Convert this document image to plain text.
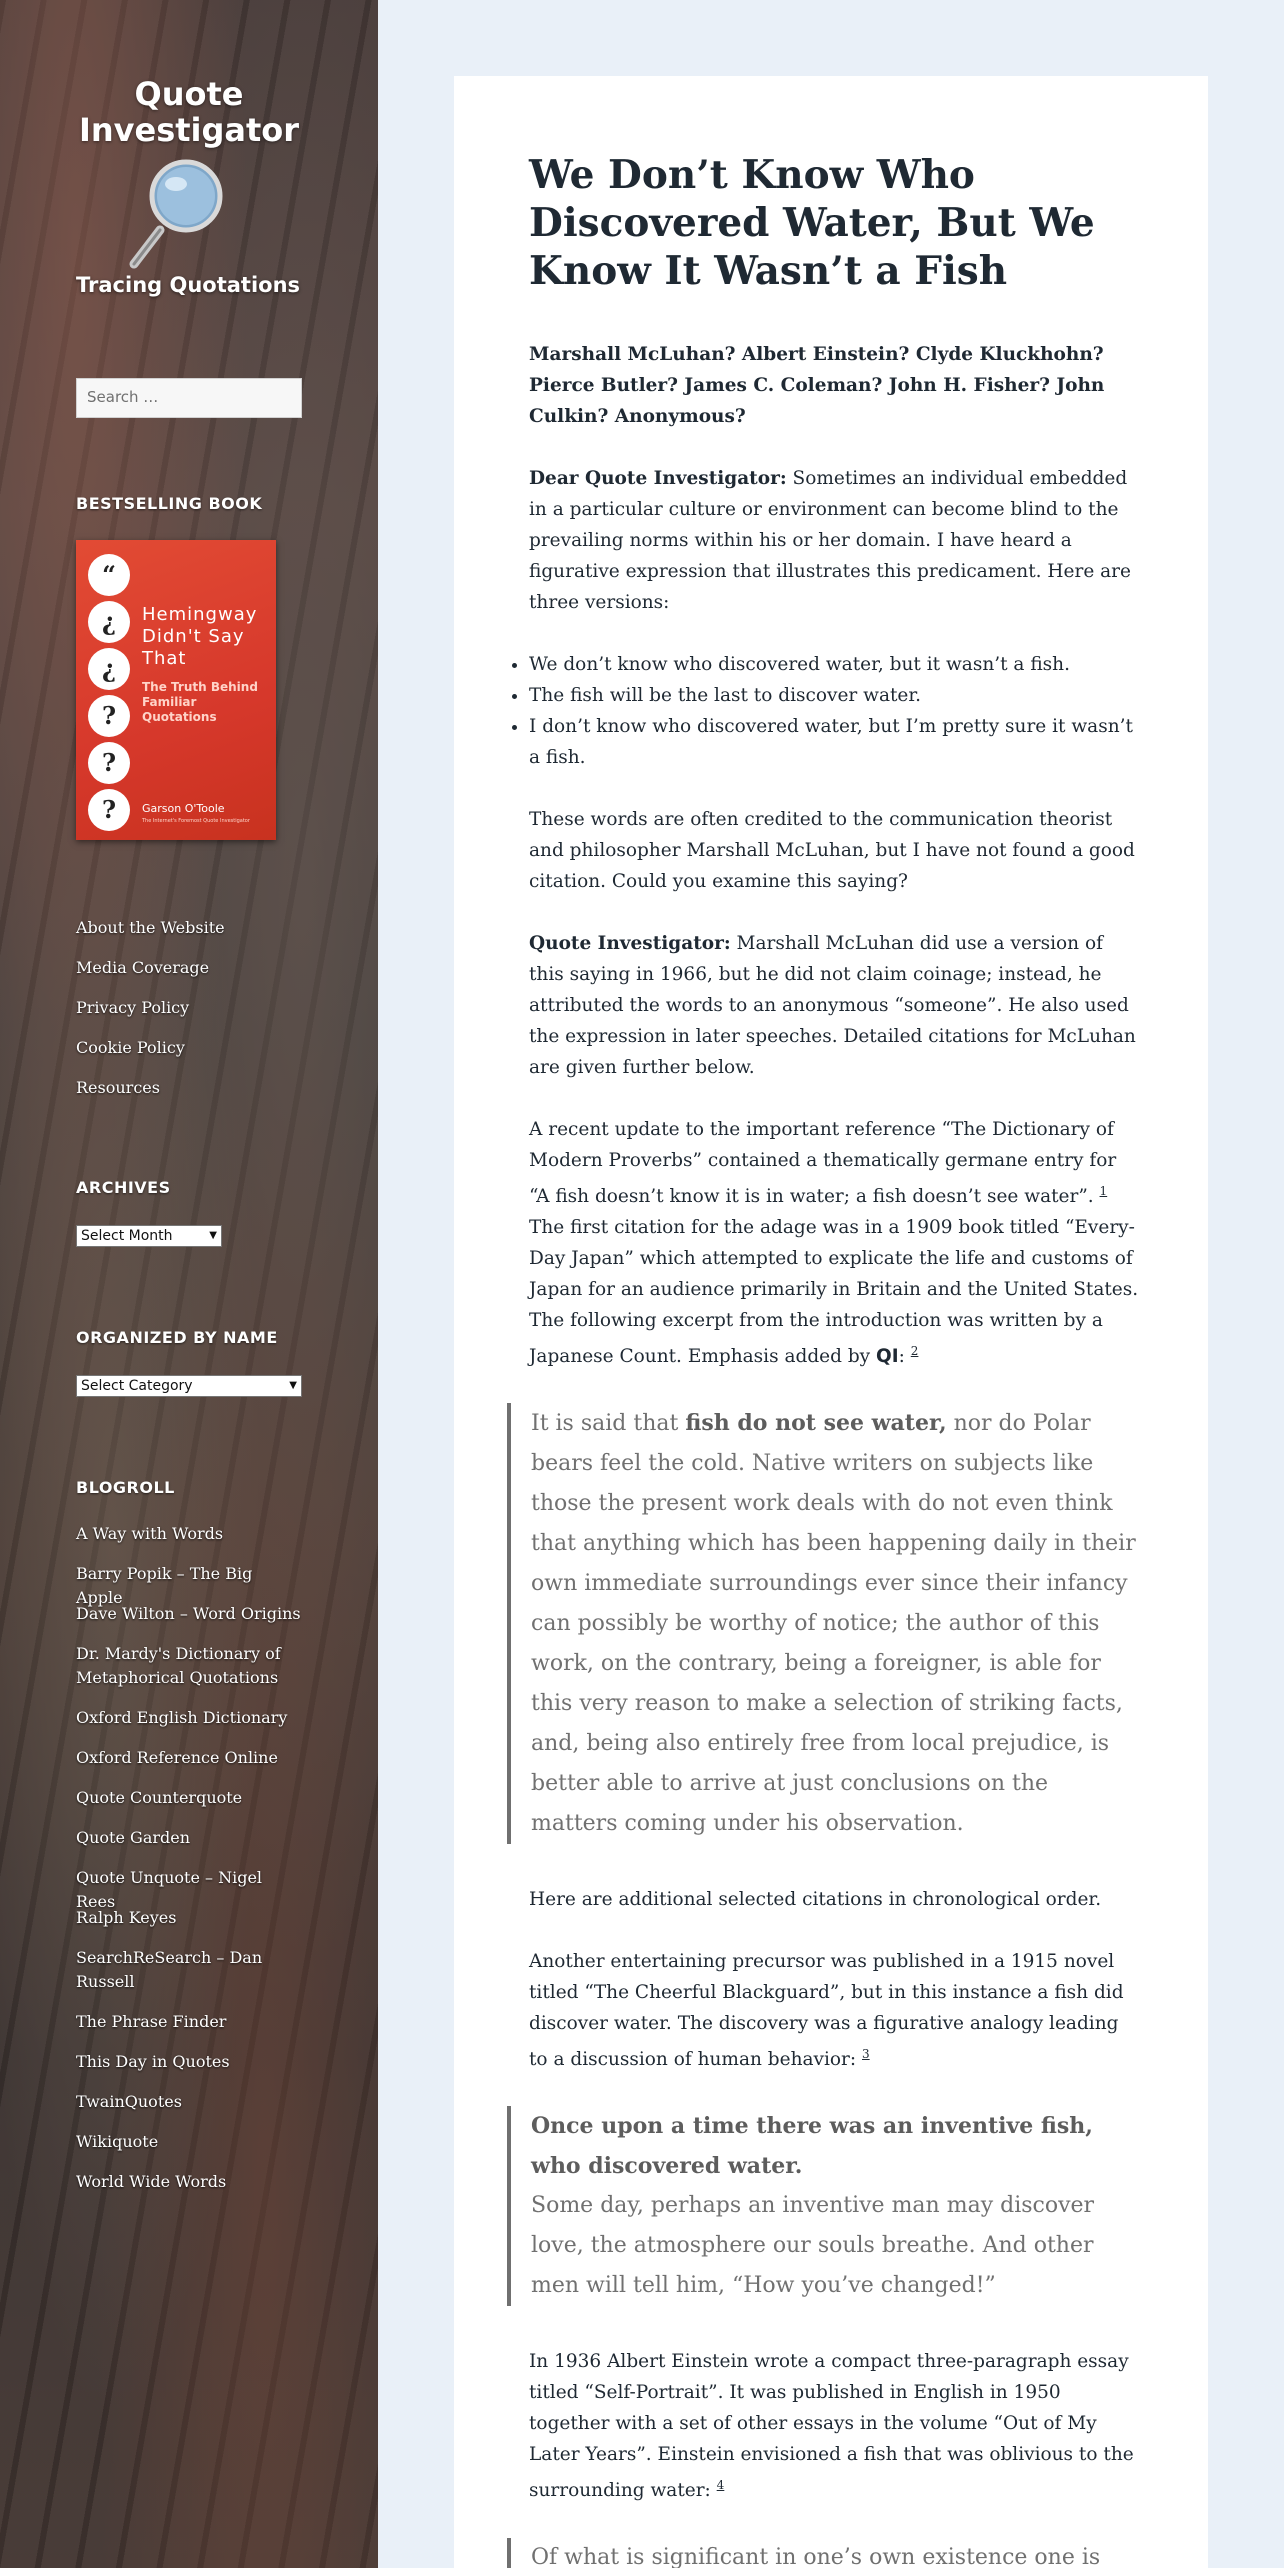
Quote Investigator
Tracing Quotations
Search …
BESTSELLING BOOK
“
¿
¿
?
?
?
Hemingway Didn't Say That
The Truth Behind Familiar Quotations
Garson O'Toole
The Internet's Foremost Quote Investigator
About the Website
Media Coverage
Privacy Policy
Cookie Policy
Resources
ARCHIVES
Select Month	▼
ORGANIZED BY NAME
Select Category	▼
BLOGROLL
A Way with Words
Barry Popik – The Big Apple
Dave Wilton – Word Origins
Dr. Mardy's Dictionary of Metaphorical Quotations
Oxford English Dictionary
Oxford Reference Online
Quote Counterquote
Quote Garden
Quote Unquote – Nigel Rees
Ralph Keyes
SearchReSearch – Dan Russell
The Phrase Finder
This Day in Quotes
TwainQuotes
Wikiquote
World Wide Words
We Don’t Know Who Discovered Water, But We Know It Wasn’t a Fish

Marshall McLuhan? Albert Einstein? Clyde Kluckhohn? Pierce Butler? James C. Coleman? John H. Fisher? John Culkin? Anonymous?

Dear Quote Investigator: Sometimes an individual embedded in a particular culture or environment can become blind to the prevailing norms within his or her domain. I have heard a figurative expression that illustrates this predicament. Here are three versions:

• We don’t know who discovered water, but it wasn’t a fish.
• The fish will be the last to discover water.
• I don’t know who discovered water, but I’m pretty sure it wasn’t a fish.

These words are often credited to the communication theorist and philosopher Marshall McLuhan, but I have not found a good citation. Could you examine this saying?

Quote Investigator: Marshall McLuhan did use a version of this saying in 1966, but he did not claim coinage; instead, he attributed the words to an anonymous “someone”. He also used the expression in later speeches. Detailed citations for McLuhan are given further below.

A recent update to the important reference “The Dictionary of Modern Proverbs” contained a thematically germane entry for “A fish doesn’t know it is in water; a fish doesn’t see water”. $^1$ The first citation for the adage was in a 1909 book titled “Every-Day Japan” which attempted to explicate the life and customs of Japan for an audience primarily in Britain and the United States. The following excerpt from the introduction was written by a Japanese Count. Emphasis added by QI: $^2$

It is said that fish do not see water, nor do Polar bears feel the cold. Native writers on subjects like those the present work deals with do not even think that anything which has been happening daily in their own immediate surroundings ever since their infancy can possibly be worthy of notice; the author of this work, on the contrary, being a foreigner, is able for this very reason to make a selection of striking facts, and, being also entirely free from local prejudice, is better able to arrive at just conclusions on the matters coming under his observation.

Here are additional selected citations in chronological order.

Another entertaining precursor was published in a 1915 novel titled “The Cheerful Blackguard”, but in this instance a fish did discover water. The discovery was a figurative analogy leading to a discussion of human behavior: $^3$

Once upon a time there was an inventive fish, who discovered water.
Some day, perhaps an inventive man may discover love, the atmosphere our souls breathe. And other men will tell him, “How you’ve changed!”

In 1936 Albert Einstein wrote a compact three-paragraph essay titled “Self-Portrait”. It was published in English in 1950 together with a set of other essays in the volume “Out of My Later Years”. Einstein envisioned a fish that was oblivious to the surrounding water: $^4$

Of what is significant in one’s own existence one is
